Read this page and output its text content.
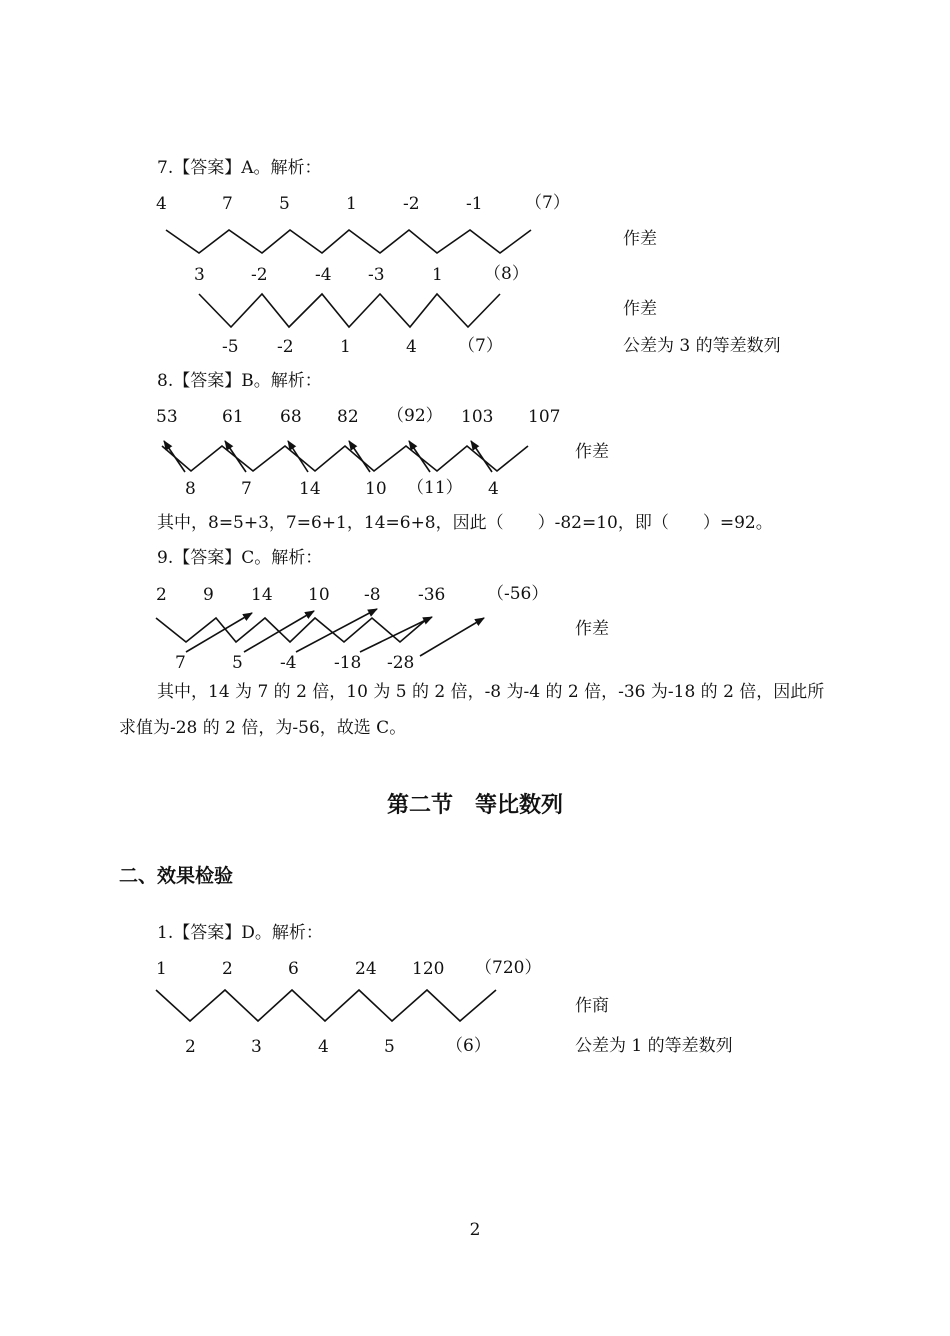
7.【答案】A。解析：
4	7	5	1	-2	-1 （7）
作差
3	-2	-4 -3	1 （8）
作差
-5 -2	1	4 （7）	公差为 3 的等差数列
8.【答案】B。解析：
53	61 68 82 （92） 103 107
作差
8	7	14	10 （11） 4
其中，8=5+3，7=6+1，14=6+8，因此（　　）-82=10，即（　　）=92。
9.【答案】C。解析：
2 9 14 10 -8 -36 （-56）
作差
7	5 -4 -18 -28
其中，14 为 7 的 2 倍，10 为 5 的 2 倍，-8 为-4 的 2 倍，-36 为-18 的 2 倍，因此所
求值为-28 的 2 倍，为-56，故选 C。
第二节　等比数列
二、效果检验
1.【答案】D。解析：
1	2	6	24 120 （720）
作商
2	3	4	5	（6）	公差为 1 的等差数列
2
